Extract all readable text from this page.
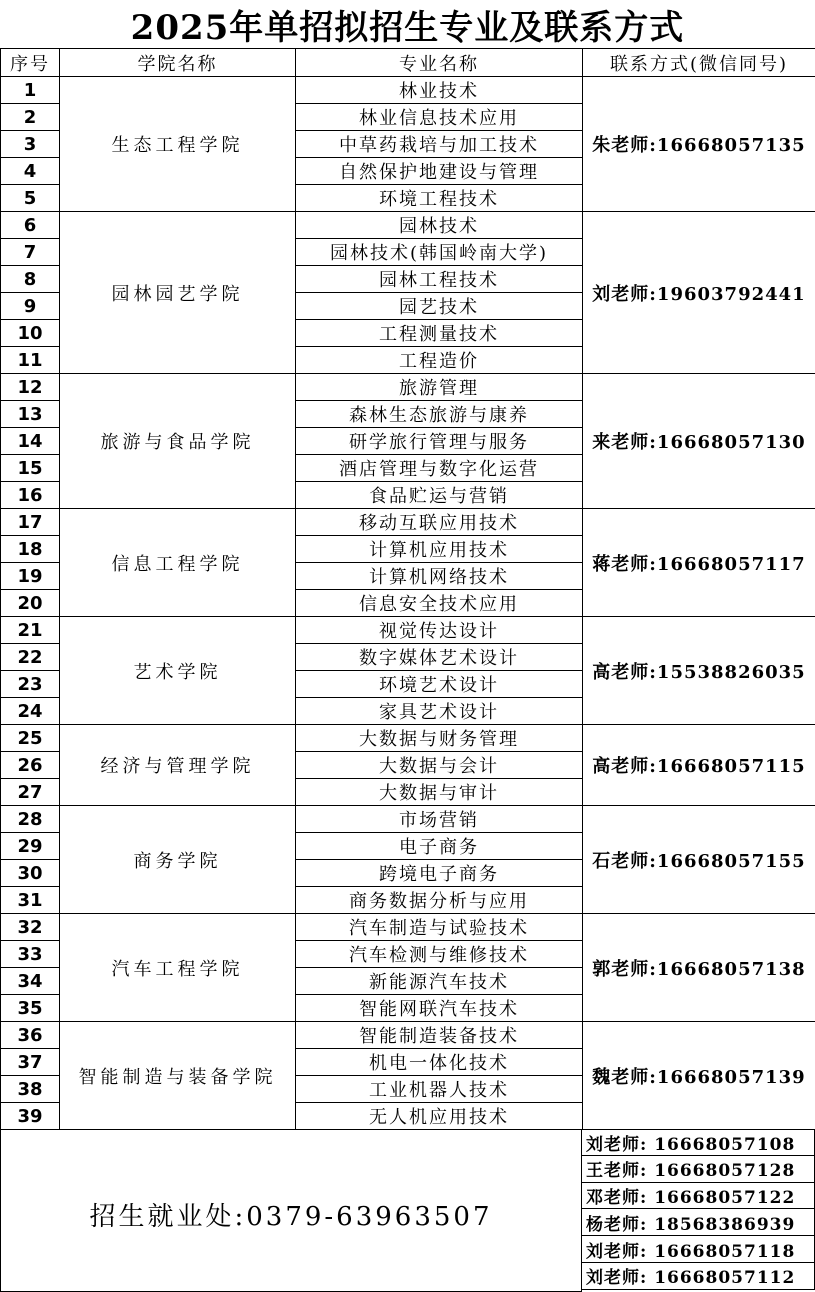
2025年单招拟招生专业及联系方式
序号	学院名称	专业名称	联系方式(微信同号)
1	生态工程学院	林业技术	朱老师:16668057135
2		林业信息技术应用	
3		中草药栽培与加工技术	
4		自然保护地建设与管理	
5		环境工程技术	
6	园林园艺学院	园林技术	刘老师:19603792441
7		园林技术(韩国岭南大学)	
8		园林工程技术	
9		园艺技术	
10		工程测量技术	
11		工程造价	
12	旅游与食品学院	旅游管理	来老师:16668057130
13		森林生态旅游与康养	
14		研学旅行管理与服务	
15		酒店管理与数字化运营	
16		食品贮运与营销	
17	信息工程学院	移动互联应用技术	蒋老师:16668057117
18		计算机应用技术	
19		计算机网络技术	
20		信息安全技术应用	
21	艺术学院	视觉传达设计	高老师:15538826035
22		数字媒体艺术设计	
23		环境艺术设计	
24		家具艺术设计	
25	经济与管理学院	大数据与财务管理	高老师:16668057115
26		大数据与会计	
27		大数据与审计	
28	商务学院	市场营销	石老师:16668057155
29		电子商务	
30		跨境电子商务	
31		商务数据分析与应用	
32	汽车工程学院	汽车制造与试验技术	郭老师:16668057138
33		汽车检测与维修技术	
34		新能源汽车技术	
35		智能网联汽车技术	
36	智能制造与装备学院	智能制造装备技术	魏老师:16668057139
37		机电一体化技术	
38		工业机器人技术	
39		无人机应用技术	
招生就业处:0379-63963507
刘老师: 16668057108
王老师: 16668057128
邓老师: 16668057122
杨老师: 18568386939
刘老师: 16668057118
刘老师: 16668057112
